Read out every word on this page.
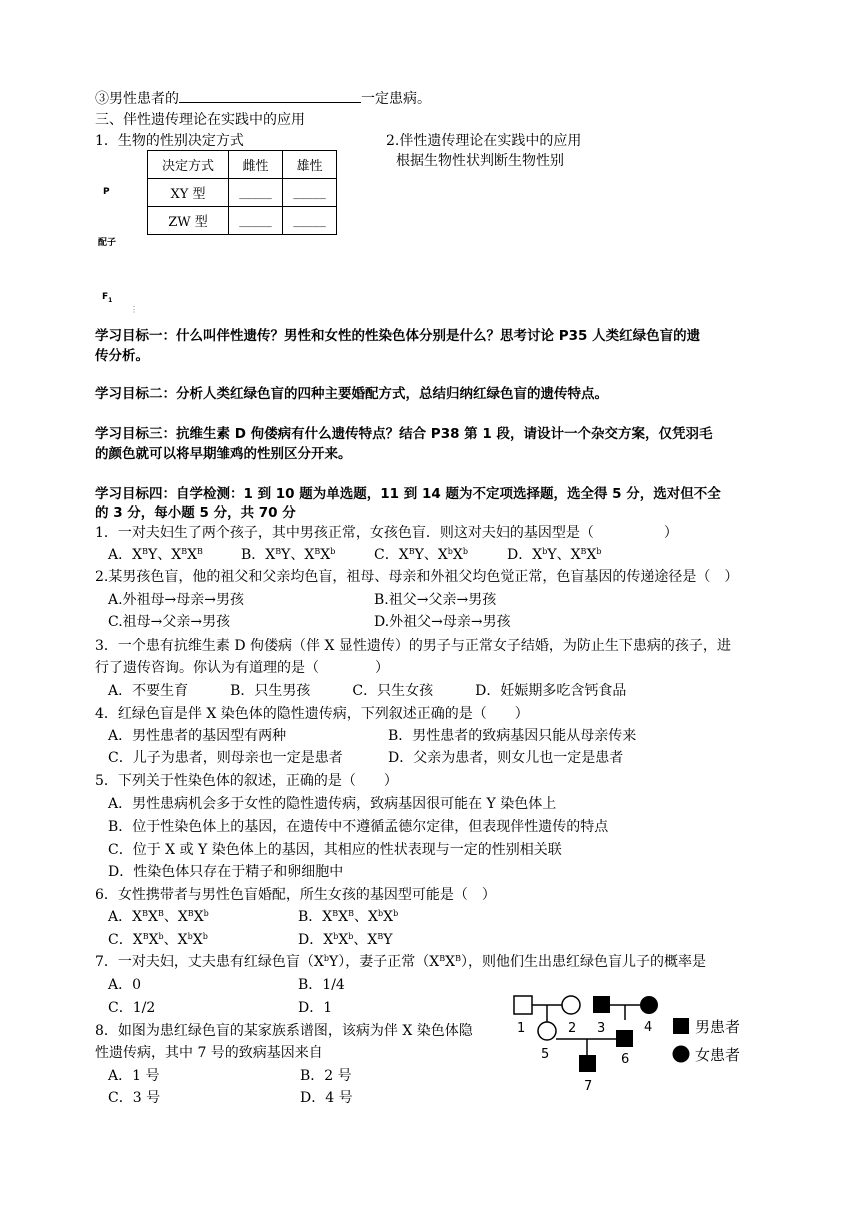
③男性患者的	一定患病。
三、伴性遗传理论在实践中的应用
1．生物的性别决定方式	2.伴性遗传理论在实践中的应用
根据生物性状判断生物性别
决定方式	雌性	雄性
XY 型	_____	_____
ZW 型	_____	_____
P
配子
$F_1$
⋮
学习目标一：什么叫伴性遗传？男性和女性的性染色体分别是什么？思考讨论 P35 人类红绿色盲的遗
传分析。
学习目标二：分析人类红绿色盲的四种主要婚配方式，总结归纳红绿色盲的遗传特点。
学习目标三：抗维生素 D 佝偻病有什么遗传特点？结合 P38 第 1 段，请设计一个杂交方案，仅凭羽毛
的颜色就可以将早期雏鸡的性别区分开来。
学习目标四：自学检测：1 到 10 题为单选题，11 到 14 题为不定项选择题，选全得 5 分，选对但不全
的 3 分，每小题 5 分，共 70 分
1．一对夫妇生了两个孩子，其中男孩正常，女孩色盲．则这对夫妇的基因型是（　　　　　）
A．$X^BY$、$X^BX^B$	B．$X^BY$、$X^BX^b$	C．$X^BY$、$X^bX^b$	D．$X^bY$、$X^BX^b$
2.某男孩色盲，他的祖父和父亲均色盲，祖母、母亲和外祖父均色觉正常，色盲基因的传递途径是（　）
A.外祖母→母亲→男孩	B.祖父→父亲→男孩
C.祖母→父亲→男孩	D.外祖父→母亲→男孩
3．一个患有抗维生素 D 佝偻病（伴 X 显性遗传）的男子与正常女子结婚，为防止生下患病的孩子，进
行了遗传咨询。你认为有道理的是（　　　　）
A．不要生育　　　B．只生男孩　　　C．只生女孩　　　D．妊娠期多吃含钙食品
4．红绿色盲是伴 X 染色体的隐性遗传病，下列叙述正确的是（　　）
A．男性患者的基因型有两种	B．男性患者的致病基因只能从母亲传来
C．儿子为患者，则母亲也一定是患者	D．父亲为患者，则女儿也一定是患者
5．下列关于性染色体的叙述，正确的是（　　）
A．男性患病机会多于女性的隐性遗传病，致病基因很可能在 Y 染色体上
B．位于性染色体上的基因，在遗传中不遵循孟德尔定律，但表现伴性遗传的特点
C．位于 X 或 Y 染色体上的基因，其相应的性状表现与一定的性别相关联
D．性染色体只存在于精子和卵细胞中
6．女性携带者与男性色盲婚配，所生女孩的基因型可能是（　）
A．$X^BX^B$、$X^BX^b$	B．$X^BX^B$、$X^bX^b$
C．$X^BX^b$、$X^bX^b$	D．$X^bX^b$、$X^BY$
7．一对夫妇，丈夫患有红绿色盲$(X^bY)$，妻子正常$(X^BX^B)$，则他们生出患红绿色盲儿子的概率是
A．0	B．1/4
C．1/2	D．1
8．如图为患红绿色盲的某家族系谱图，该病为伴 X 染色体隐
性遗传病，其中 7 号的致病基因来自
A．1 号	B．2 号
C．3 号	D．4 号
1	2 3	4
5	6
7
男患者
女患者
